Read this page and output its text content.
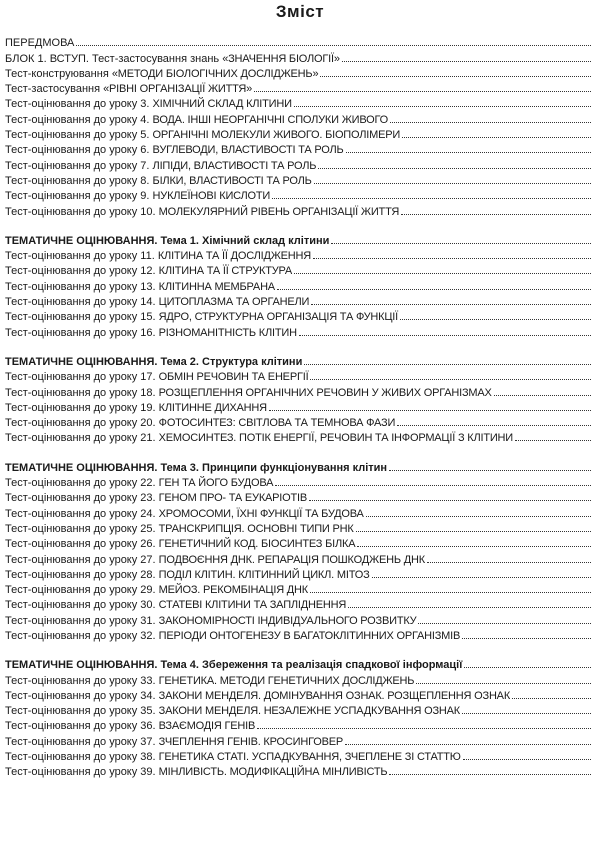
Зміст
ПЕРЕДМОВА
БЛОК 1. ВСТУП. Тест-застосування знань «ЗНАЧЕННЯ БІОЛОГІЇ»
Тест-конструювання «МЕТОДИ БІОЛОГІЧНИХ ДОСЛІДЖЕНЬ»
Тест-застосування «РІВНІ ОРГАНІЗАЦІЇ ЖИТТЯ»
Тест-оцінювання до уроку 3. ХІМІЧНИЙ СКЛАД КЛІТИНИ
Тест-оцінювання до уроку 4. ВОДА. ІНШІ НЕОРГАНІЧНІ СПОЛУКИ ЖИВОГО
Тест-оцінювання до уроку 5. ОРГАНІЧНІ МОЛЕКУЛИ ЖИВОГО. БІОПОЛІМЕРИ
Тест-оцінювання до уроку 6. ВУГЛЕВОДИ, ВЛАСТИВОСТІ ТА РОЛЬ
Тест-оцінювання до уроку 7. ЛІПІДИ, ВЛАСТИВОСТІ ТА РОЛЬ
Тест-оцінювання до уроку 8. БІЛКИ, ВЛАСТИВОСТІ ТА РОЛЬ
Тест-оцінювання до уроку 9. НУКЛЕЇНОВІ КИСЛОТИ
Тест-оцінювання до уроку 10. МОЛЕКУЛЯРНИЙ РІВЕНЬ ОРГАНІЗАЦІЇ ЖИТТЯ
ТЕМАТИЧНЕ ОЦІНЮВАННЯ. Тема 1. Хімічний склад клітини
Тест-оцінювання до уроку 11. КЛІТИНА ТА ЇЇ ДОСЛІДЖЕННЯ
Тест-оцінювання до уроку 12. КЛІТИНА ТА ЇЇ СТРУКТУРА
Тест-оцінювання до уроку 13. КЛІТИННА МЕМБРАНА
Тест-оцінювання до уроку 14. ЦИТОПЛАЗМА ТА ОРГАНЕЛИ
Тест-оцінювання до уроку 15. ЯДРО, СТРУКТУРНА ОРГАНІЗАЦІЯ ТА ФУНКЦІЇ
Тест-оцінювання до уроку 16. РІЗНОМАНІТНІСТЬ КЛІТИН
ТЕМАТИЧНЕ ОЦІНЮВАННЯ. Тема 2. Структура клітини
Тест-оцінювання до уроку 17. ОБМІН РЕЧОВИН ТА ЕНЕРГІЇ
Тест-оцінювання до уроку 18. РОЗЩЕПЛЕННЯ ОРГАНІЧНИХ РЕЧОВИН У ЖИВИХ ОРГАНІЗМАХ
Тест-оцінювання до уроку 19. КЛІТИННЕ ДИХАННЯ
Тест-оцінювання до уроку 20. ФОТОСИНТЕЗ: СВІТЛОВА ТА ТЕМНОВА ФАЗИ
Тест-оцінювання до уроку 21. ХЕМОСИНТЕЗ. ПОТІК ЕНЕРГІЇ, РЕЧОВИН ТА ІНФОРМАЦІЇ З КЛІТИНИ
ТЕМАТИЧНЕ ОЦІНЮВАННЯ. Тема 3. Принципи функціонування клітин
Тест-оцінювання до уроку 22. ГЕН ТА ЙОГО БУДОВА
Тест-оцінювання до уроку 23. ГЕНОМ ПРО- ТА ЕУКАРІОТІВ
Тест-оцінювання до уроку 24. ХРОМОСОМИ, ЇХНІ ФУНКЦІЇ ТА БУДОВА
Тест-оцінювання до уроку 25. ТРАНСКРИПЦІЯ. ОСНОВНІ ТИПИ РНК
Тест-оцінювання до уроку 26. ГЕНЕТИЧНИЙ КОД. БІОСИНТЕЗ БІЛКА
Тест-оцінювання до уроку 27. ПОДВОЄННЯ ДНК. РЕПАРАЦІЯ ПОШКОДЖЕНЬ ДНК
Тест-оцінювання до уроку 28. ПОДІЛ КЛІТИН. КЛІТИННИЙ ЦИКЛ. МІТОЗ
Тест-оцінювання до уроку 29. МЕЙОЗ. РЕКОМБІНАЦІЯ ДНК
Тест-оцінювання до уроку 30. СТАТЕВІ КЛІТИНИ ТА ЗАПЛІДНЕННЯ
Тест-оцінювання до уроку 31. ЗАКОНОМІРНОСТІ ІНДИВІДУАЛЬНОГО РОЗВИТКУ
Тест-оцінювання до уроку 32. ПЕРІОДИ ОНТОГЕНЕЗУ В БАГАТОКЛІТИННИХ ОРГАНІЗМІВ
ТЕМАТИЧНЕ ОЦІНЮВАННЯ. Тема 4. Збереження та реалізація спадкової інформації
Тест-оцінювання до уроку 33. ГЕНЕТИКА. МЕТОДИ ГЕНЕТИЧНИХ ДОСЛІДЖЕНЬ
Тест-оцінювання до уроку 34. ЗАКОНИ МЕНДЕЛЯ. ДОМІНУВАННЯ ОЗНАК. РОЗЩЕПЛЕННЯ ОЗНАК
Тест-оцінювання до уроку 35. ЗАКОНИ МЕНДЕЛЯ. НЕЗАЛЕЖНЕ УСПАДКУВАННЯ ОЗНАК
Тест-оцінювання до уроку 36. ВЗАЄМОДІЯ ГЕНІВ
Тест-оцінювання до уроку 37. ЗЧЕПЛЕННЯ ГЕНІВ. КРОСИНГОВЕР
Тест-оцінювання до уроку 38. ГЕНЕТИКА СТАТІ. УСПАДКУВАННЯ, ЗЧЕПЛЕНЕ ЗІ СТАТТЮ
Тест-оцінювання до уроку 39. МІНЛИВІСТЬ. МОДИФІКАЦІЙНА МІНЛИВІСТЬ
